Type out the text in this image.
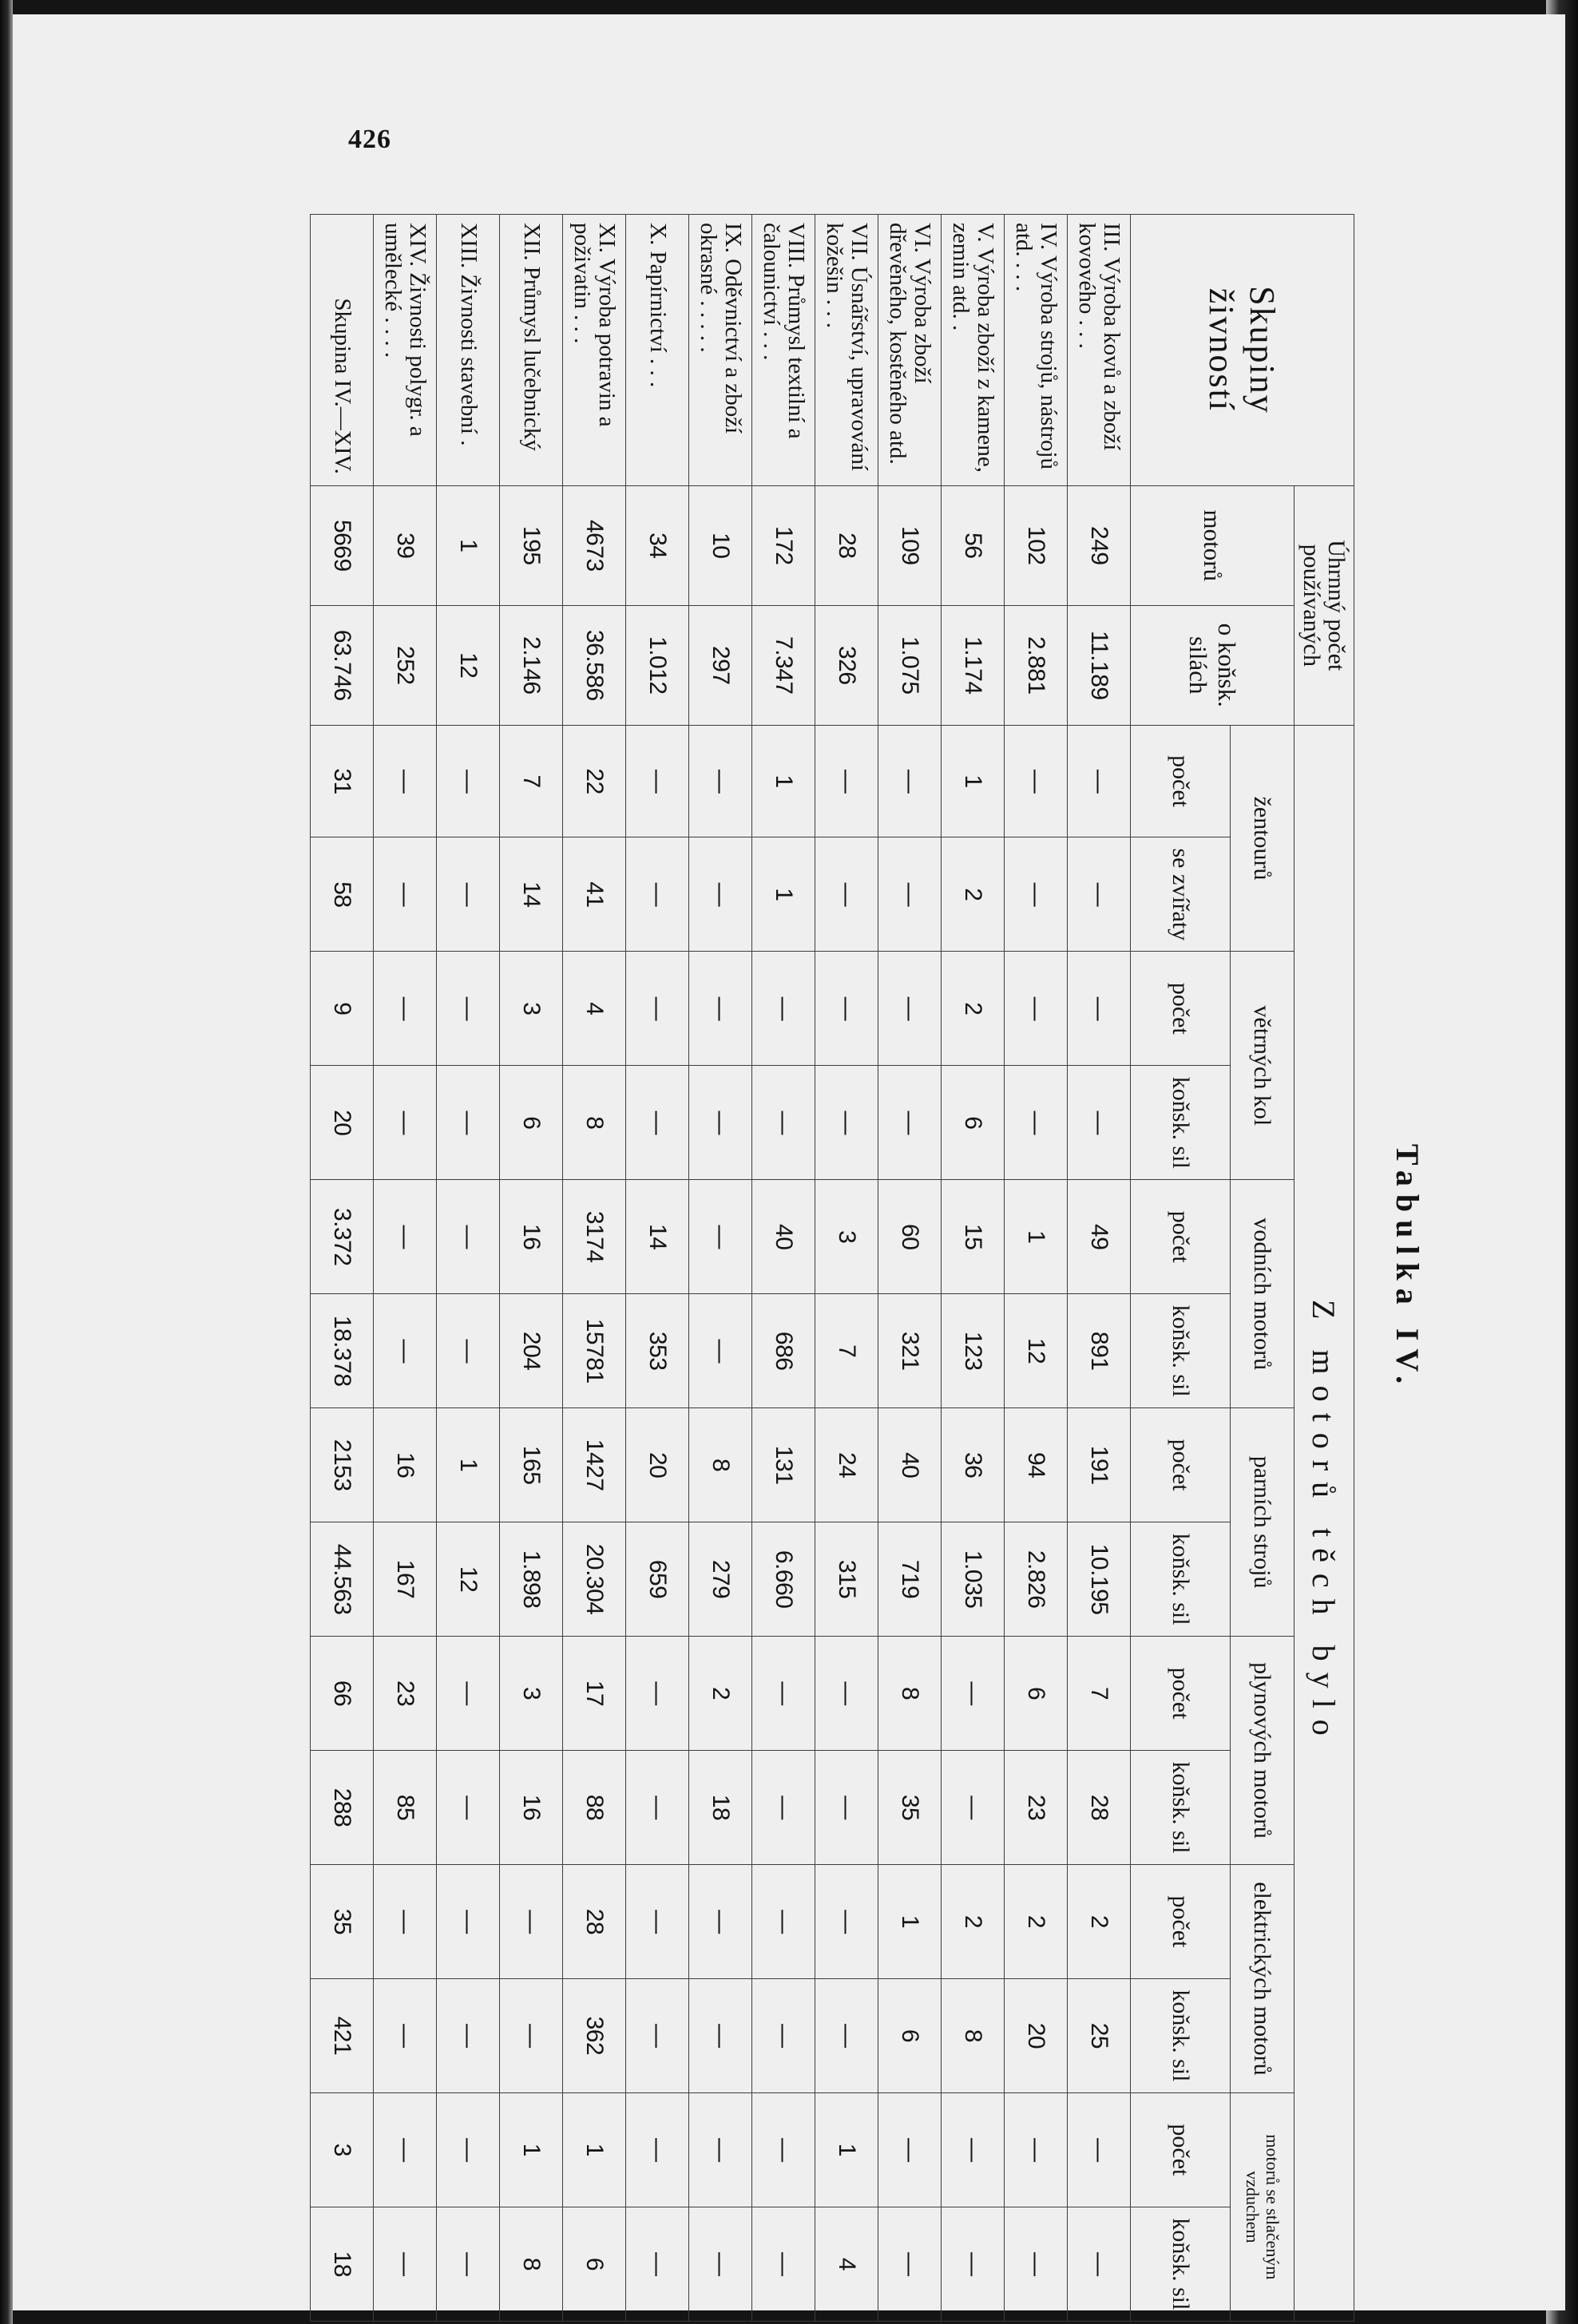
426
Tabulka IV.
Skupiny živností	Úhrnný počet používaných		Z motorů těch bylo													
	motorů	o koňsk. silách	žentourů		větrných kol		vodních motorů		parních strojů		plynových motorů		elektrických motorů		motorů se stlačeným vzduchem	
			počet	se zvířaty	počet	koňsk. sil	počet	koňsk. sil	počet	koňsk. sil	počet	koňsk. sil	počet	koňsk. sil	počet	koňsk. sil
III. Výroba kovů a zboží kovového . . .	249	11.189	—	—	—	—	49	891	191	10.195	7	28	2	25	—	—
IV. Výroba strojů, nástrojů atd. . . .	102	2.881	—	—	—	—	1	12	94	2.826	6	23	2	20	—	—
V. Výroba zboží z kamene, zemin atd. .	56	1.174	1	2	2	6	15	123	36	1.035	—	—	2	8	—	—
VI. Výroba zboží dřevěného, kostěného atd.	109	1.075	—	—	—	—	60	321	40	719	8	35	1	6	—	—
VII. Úsnářství, upravování kožešin . . .	28	326	—	—	—	—	3	7	24	315	—	—	—	—	1	4
VIII. Průmysl textilní a čalounictví . . .	172	7.347	1	1	—	—	40	686	131	6.660	—	—	—	—	—	—
IX. Oděvnictví a zboží okrasné . . . . .	10	297	—	—	—	—	—	—	8	279	2	18	—	—	—	—
X. Papírnictví . . .	34	1.012	—	—	—	—	14	353	20	659	—	—	—	—	—	—
XI. Výroba potravin a poživatin . . .	4673	36.586	22	41	4	8	3174	15781	1427	20.304	17	88	28	362	1	6
XII. Průmysl lučebnický	195	2.146	7	14	3	6	16	204	165	1.898	3	16	—	—	1	8
XIII. Živnosti stavební .	1	12	—	—	—	—	—	—	1	12	—	—	—	—	—	—
XIV. Živnosti polygr. a umělecké . . . .	39	252	—	—	—	—	—	—	16	167	23	85	—	—	—	—
Skupina IV.—XIV.	5669	63.746	31	58	9	20	3.372	18.378	2153	44.563	66	288	35	421	3	18
